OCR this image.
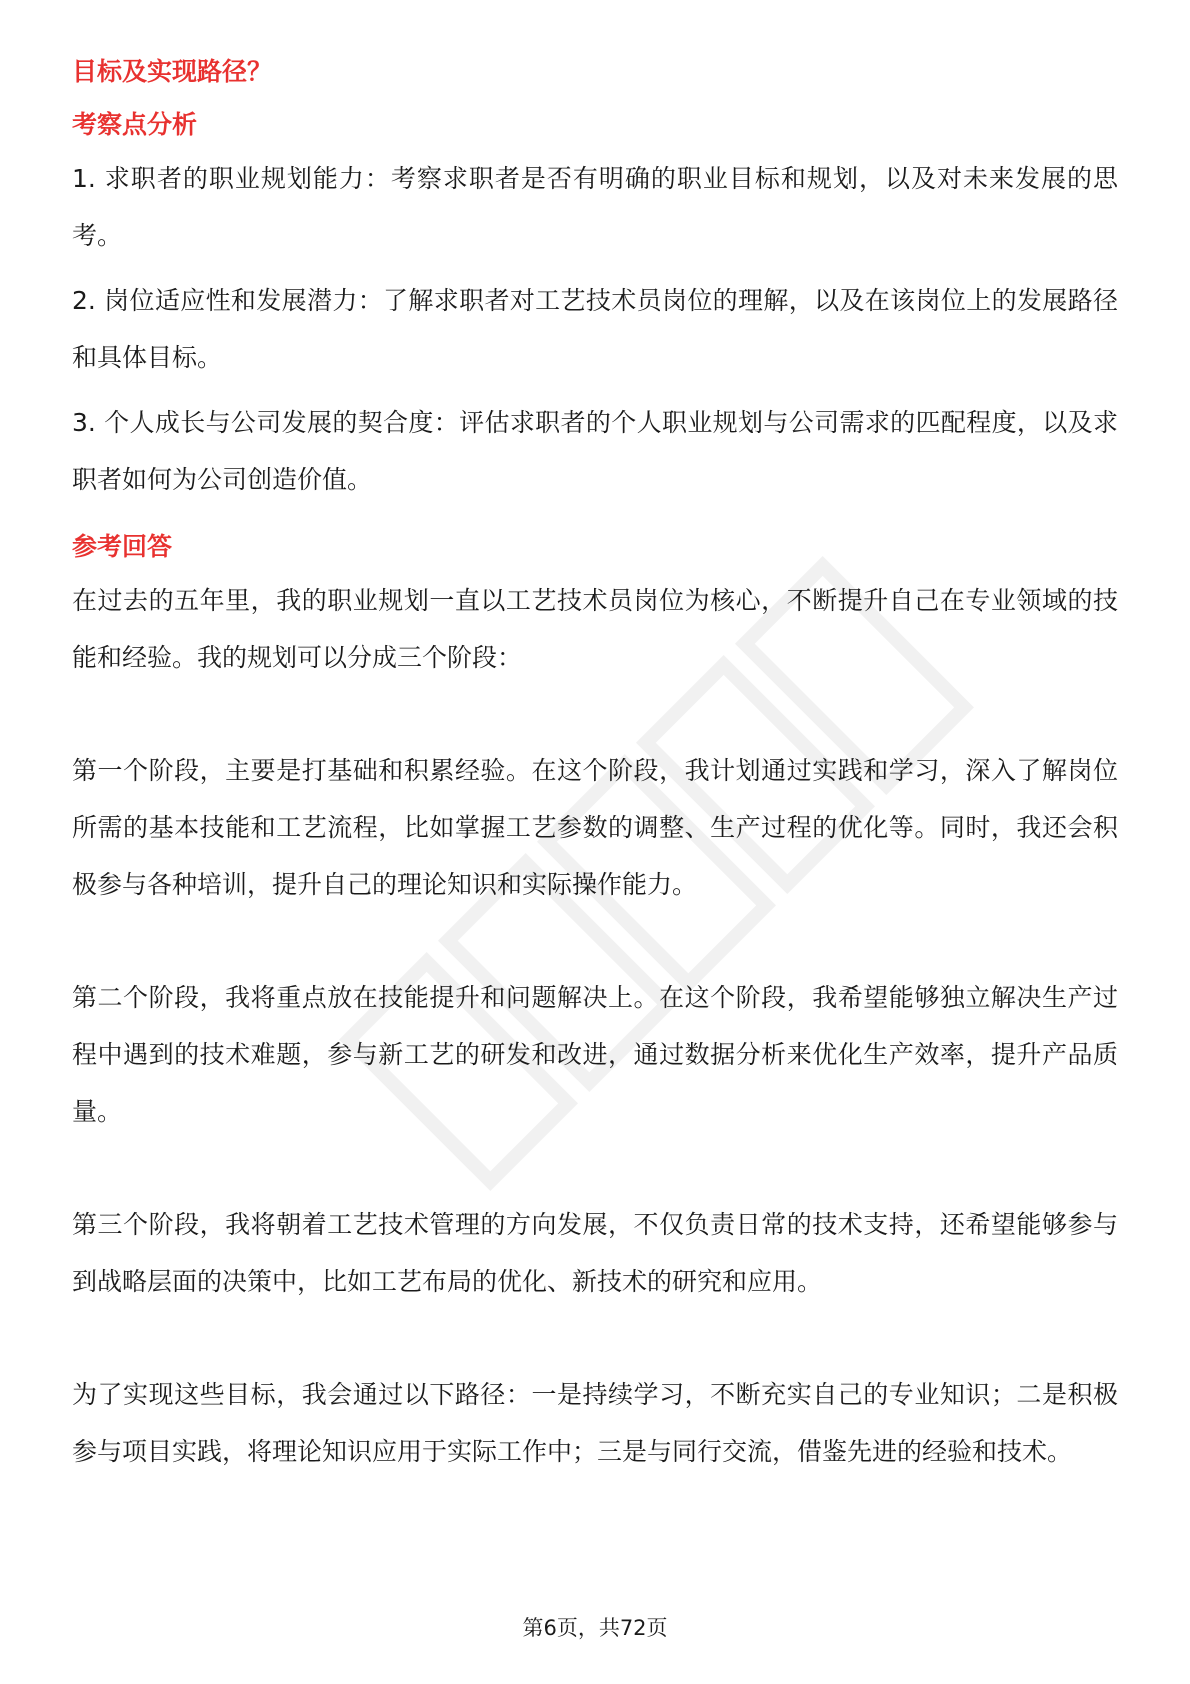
目标及实现路径？

考察点分析

1. 求职者的职业规划能力：考察求职者是否有明确的职业目标和规划，以及对未来发展的思考。

2. 岗位适应性和发展潜力：了解求职者对工艺技术员岗位的理解，以及在该岗位上的发展路径和具体目标。

3. 个人成长与公司发展的契合度：评估求职者的个人职业规划与公司需求的匹配程度，以及求职者如何为公司创造价值。

参考回答

在过去的五年里，我的职业规划一直以工艺技术员岗位为核心，不断提升自己在专业领域的技能和经验。我的规划可以分成三个阶段：

第一个阶段，主要是打基础和积累经验。在这个阶段，我计划通过实践和学习，深入了解岗位所需的基本技能和工艺流程，比如掌握工艺参数的调整、生产过程的优化等。同时，我还会积极参与各种培训，提升自己的理论知识和实际操作能力。

第二个阶段，我将重点放在技能提升和问题解决上。在这个阶段，我希望能够独立解决生产过程中遇到的技术难题，参与新工艺的研发和改进，通过数据分析来优化生产效率，提升产品质量。

第三个阶段，我将朝着工艺技术管理的方向发展，不仅负责日常的技术支持，还希望能够参与到战略层面的决策中，比如工艺布局的优化、新技术的研究和应用。

为了实现这些目标，我会通过以下路径：一是持续学习，不断充实自己的专业知识；二是积极参与项目实践，将理论知识应用于实际工作中；三是与同行交流，借鉴先进的经验和技术。

第6页，共72页
